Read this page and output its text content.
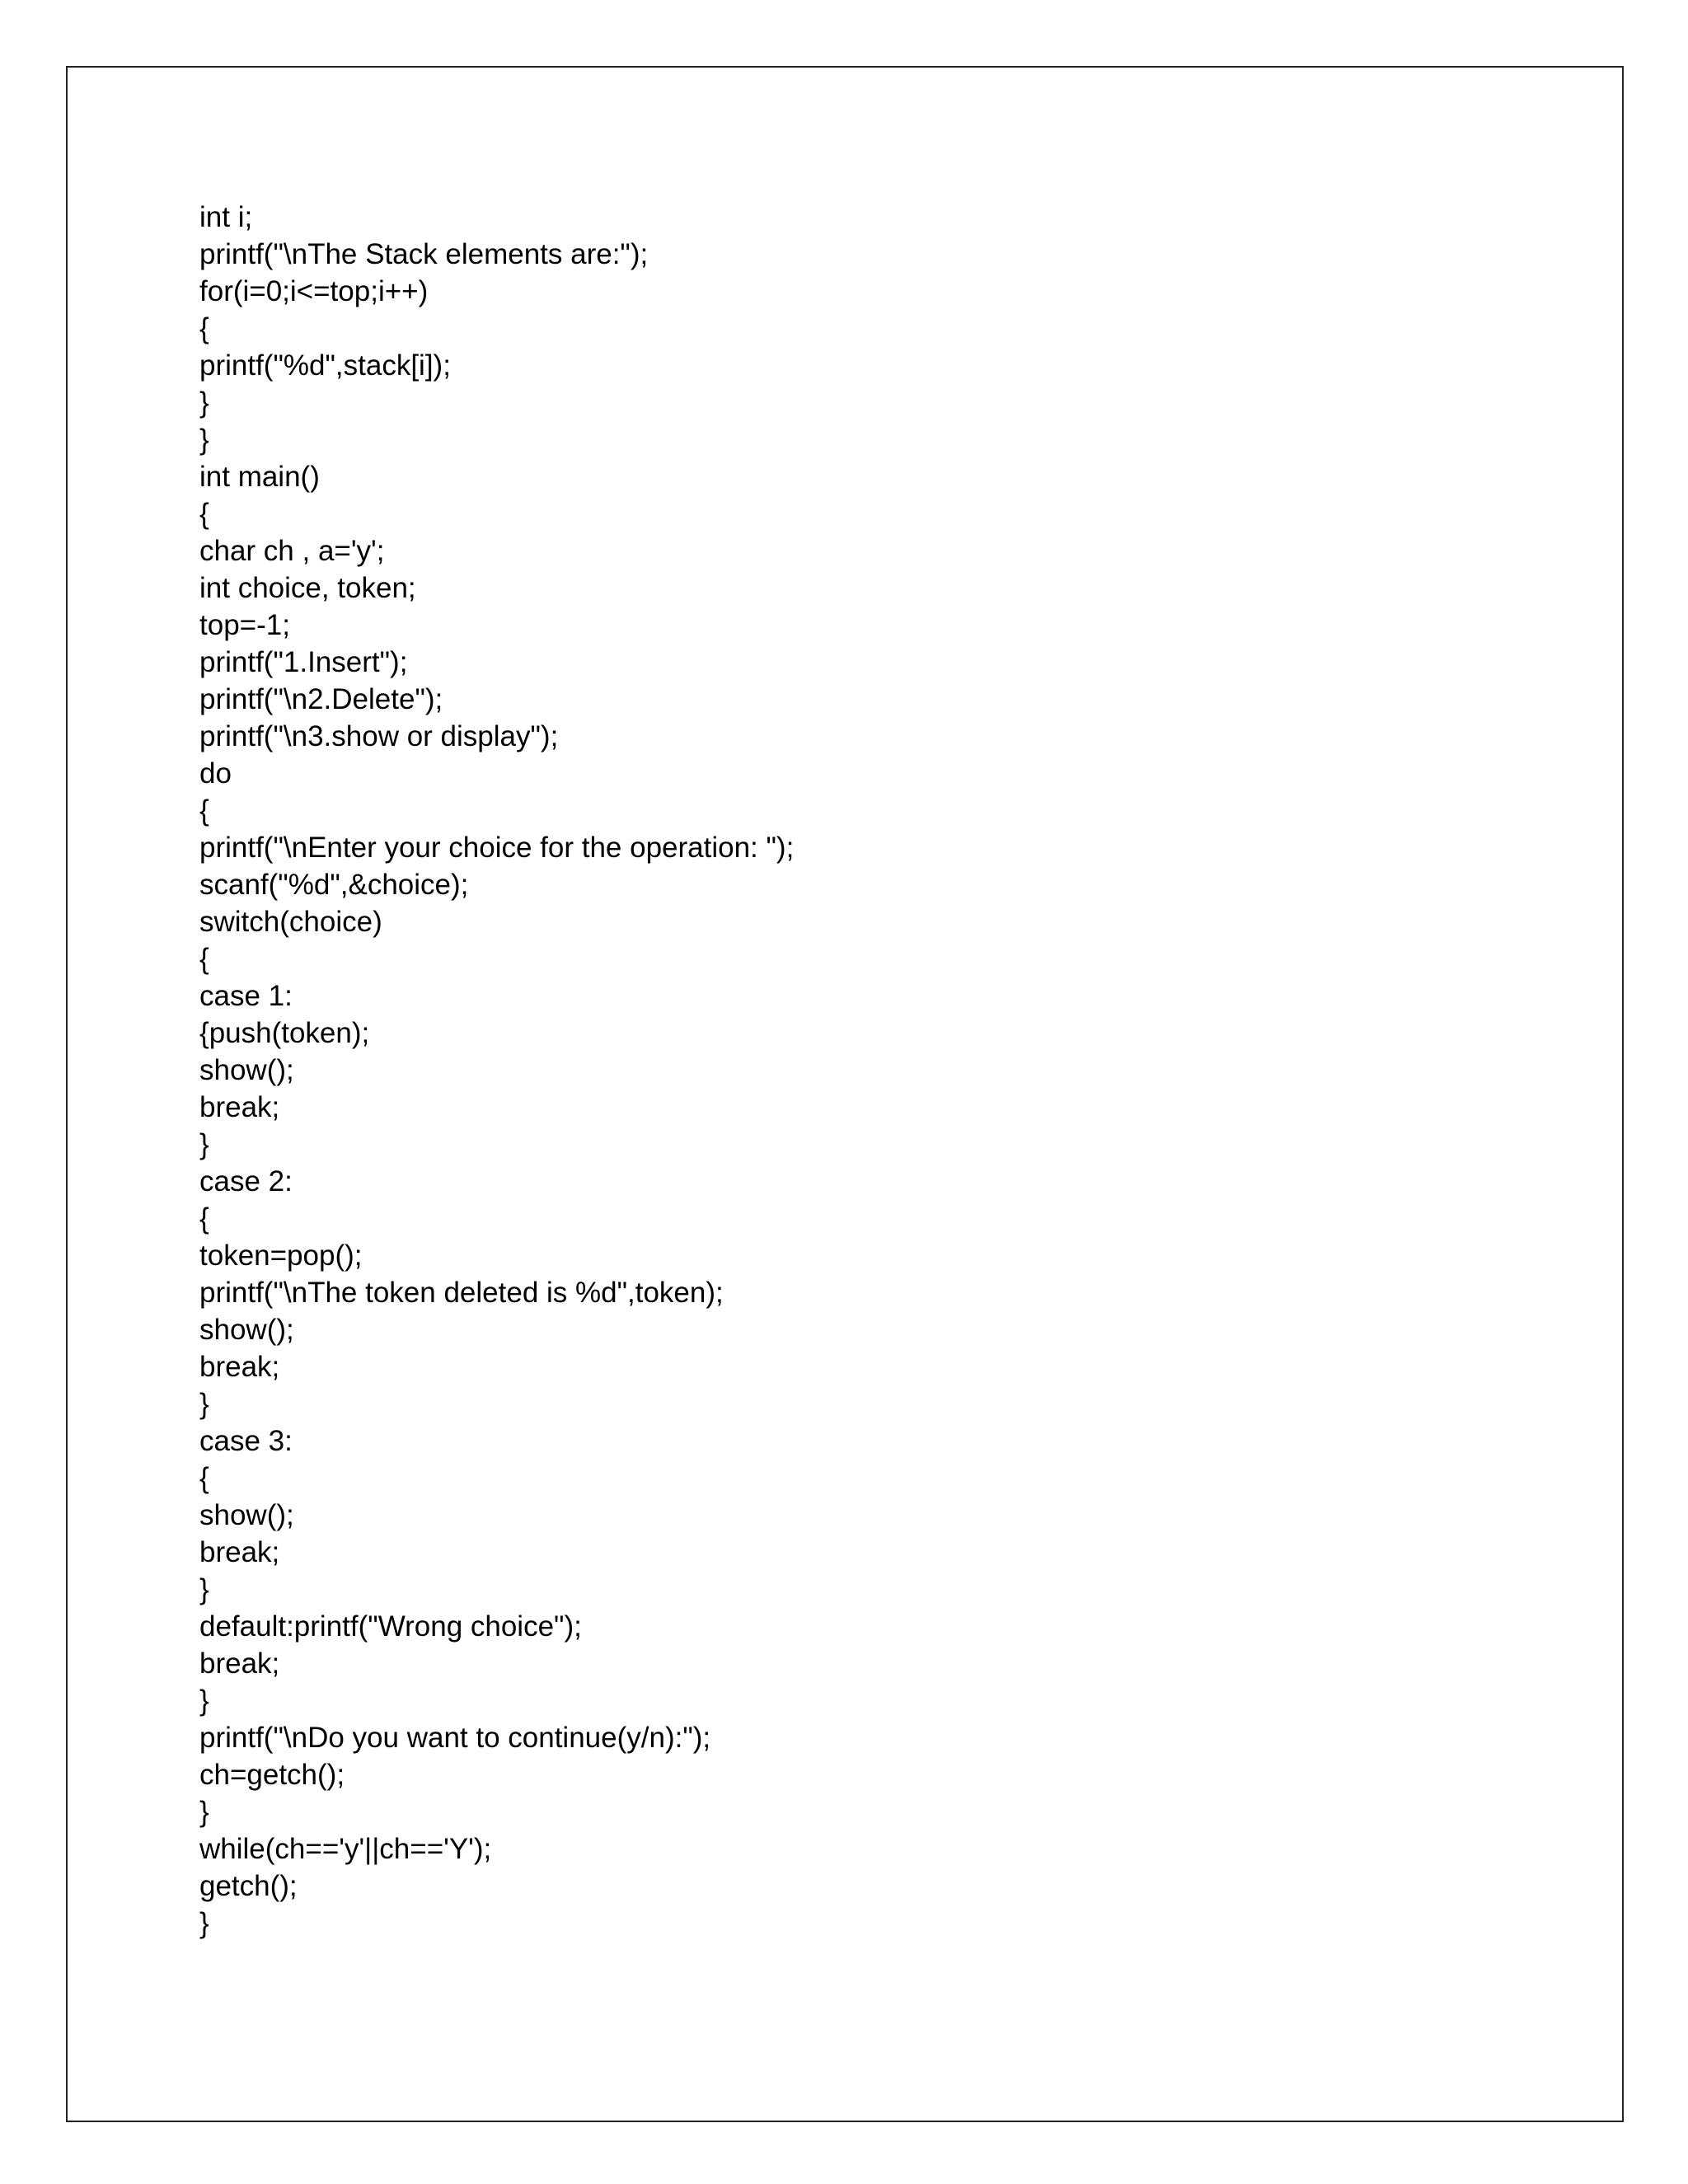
int i;
printf("\nThe Stack elements are:");
for(i=0;i<=top;i++)
{
printf("%d",stack[i]);
}
}
int main()
{
char ch , a='y';
int choice, token;
top=-1;
printf("1.Insert");
printf("\n2.Delete");
printf("\n3.show or display");
do
{
printf("\nEnter your choice for the operation: ");
scanf("%d",&choice);
switch(choice)
{
case 1:
{push(token);
show();
break;
}
case 2:
{
token=pop();
printf("\nThe token deleted is %d",token);
show();
break;
}
case 3:
{
show();
break;
}
default:printf("Wrong choice");
break;
}
printf("\nDo you want to continue(y/n):");
ch=getch();
}
while(ch=='y'||ch=='Y');
getch();
}
